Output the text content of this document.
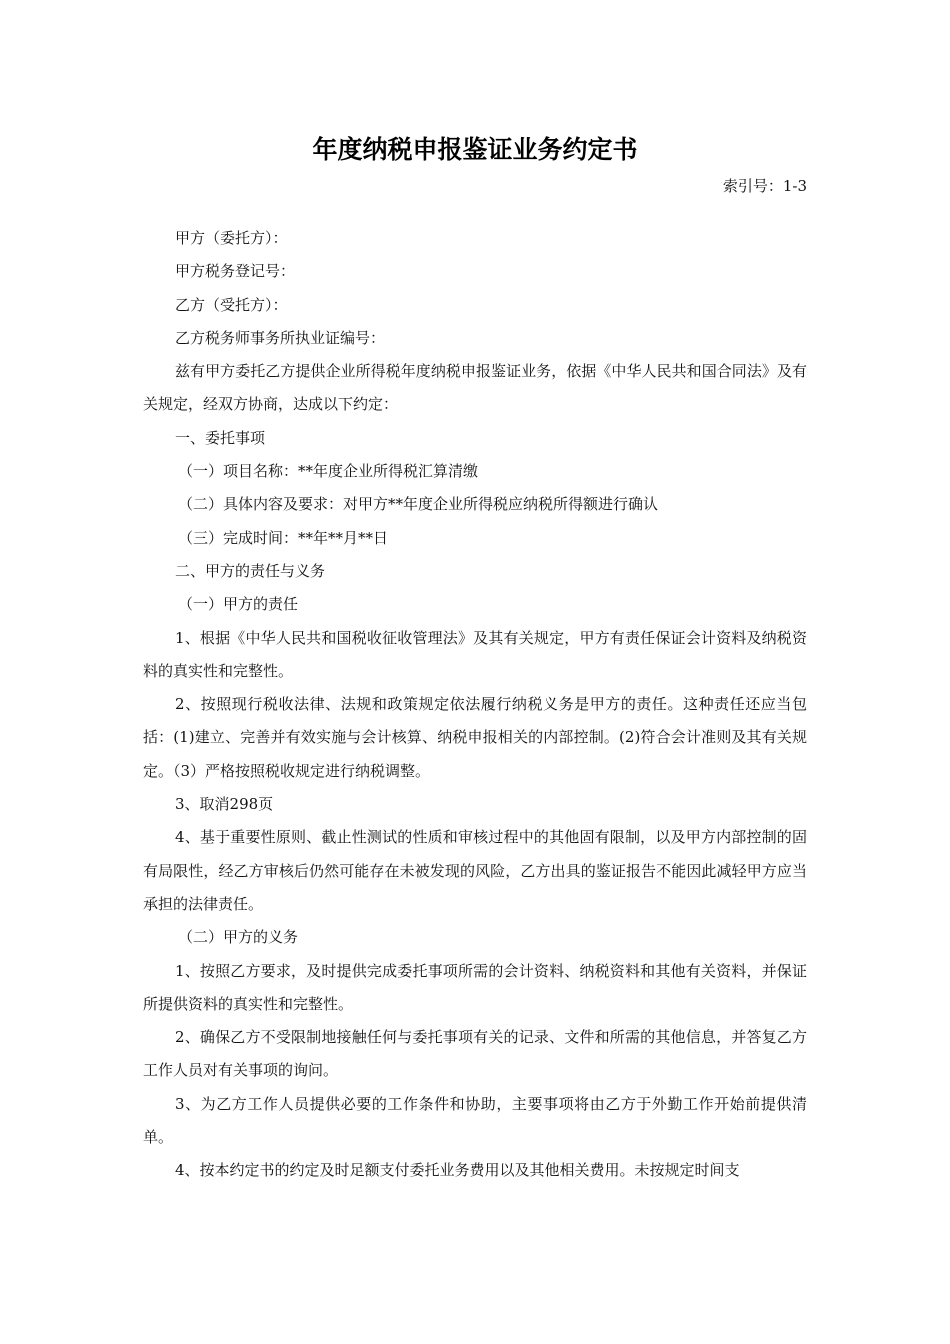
年度纳税申报鉴证业务约定书
索引号：1-3

甲方（委托方）：

甲方税务登记号：

乙方（受托方）：

乙方税务师事务所执业证编号：

兹有甲方委托乙方提供企业所得税年度纳税申报鉴证业务，依据《中华人民共和国合同法》及有关规定，经双方协商，达成以下约定：

一、委托事项

（一）项目名称：**年度企业所得税汇算清缴

（二）具体内容及要求：对甲方**年度企业所得税应纳税所得额进行确认

（三）完成时间：**年**月**日

二、甲方的责任与义务

（一）甲方的责任

1、根据《中华人民共和国税收征收管理法》及其有关规定，甲方有责任保证会计资料及纳税资料的真实性和完整性。

2、按照现行税收法律、法规和政策规定依法履行纳税义务是甲方的责任。这种责任还应当包括：(1)建立、完善并有效实施与会计核算、纳税申报相关的内部控制。(2)符合会计准则及其有关规定。（3）严格按照税收规定进行纳税调整。

3、取消298页

4、基于重要性原则、截止性测试的性质和审核过程中的其他固有限制，以及甲方内部控制的固有局限性，经乙方审核后仍然可能存在未被发现的风险，乙方出具的鉴证报告不能因此减轻甲方应当承担的法律责任。

（二）甲方的义务

1、按照乙方要求，及时提供完成委托事项所需的会计资料、纳税资料和其他有关资料，并保证所提供资料的真实性和完整性。

2、确保乙方不受限制地接触任何与委托事项有关的记录、文件和所需的其他信息，并答复乙方工作人员对有关事项的询问。

3、为乙方工作人员提供必要的工作条件和协助，主要事项将由乙方于外勤工作开始前提供清单。

4、按本约定书的约定及时足额支付委托业务费用以及其他相关费用。未按规定时间支
